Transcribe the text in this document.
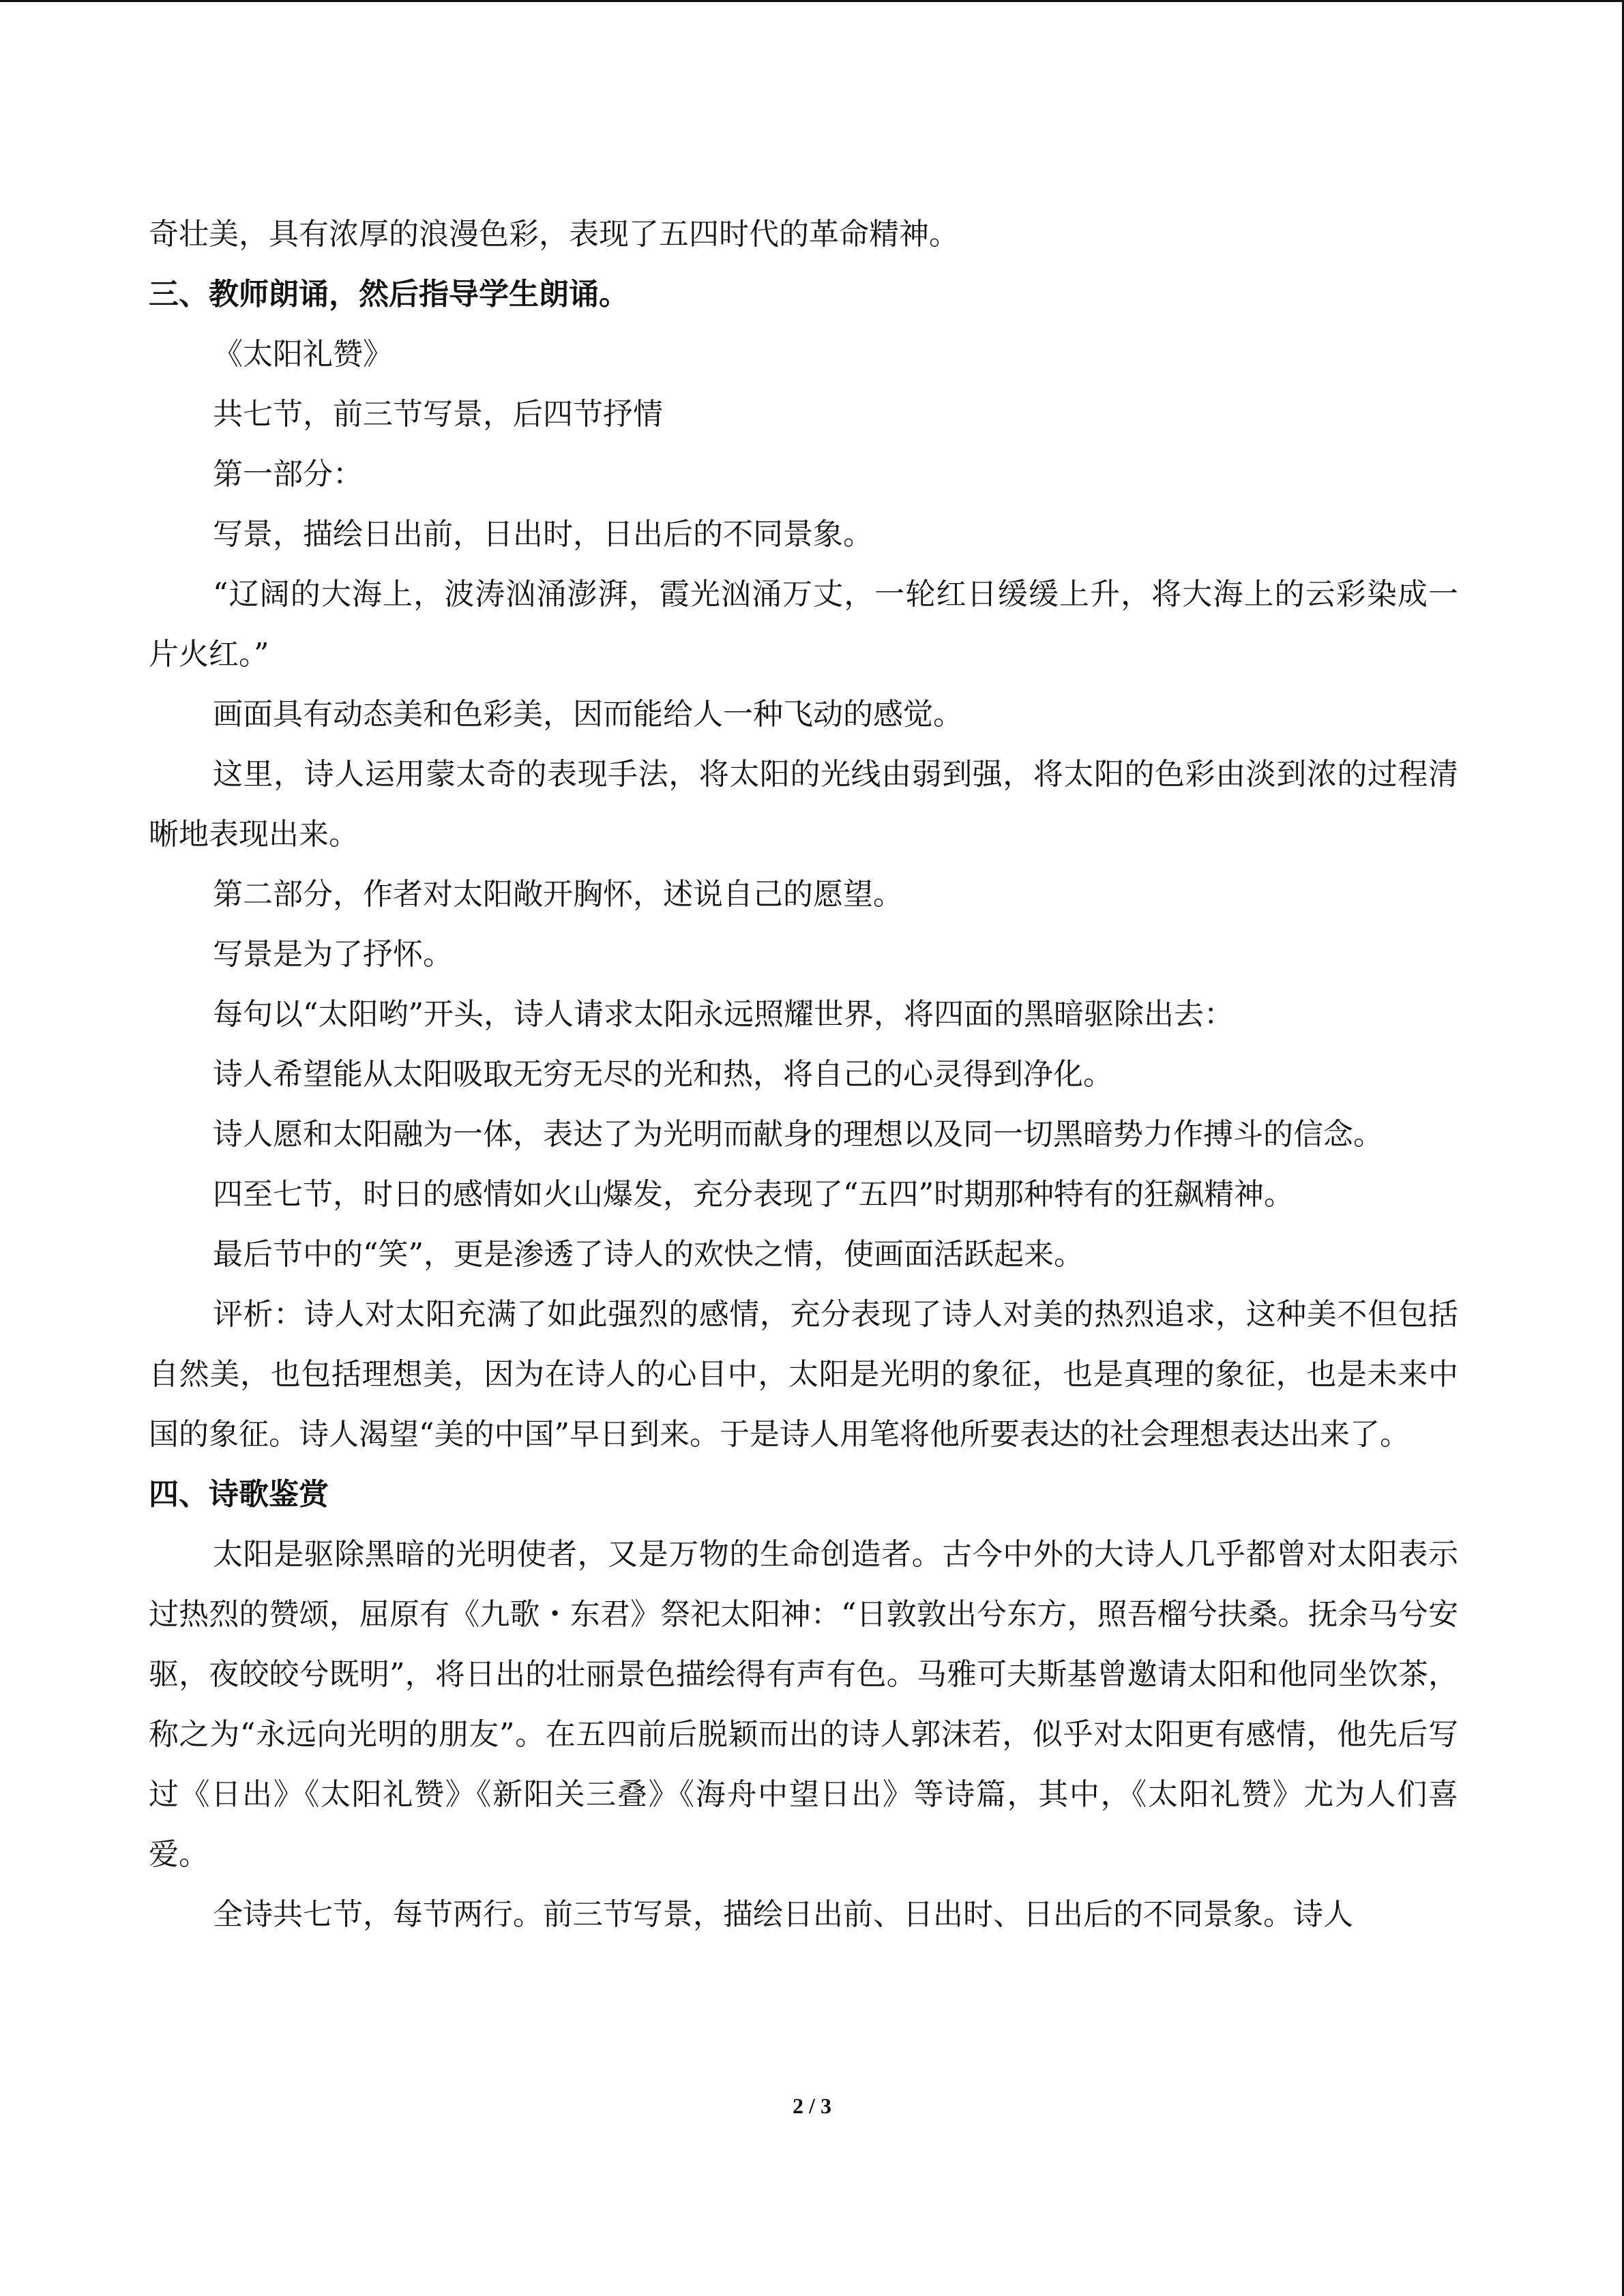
奇壮美，具有浓厚的浪漫色彩，表现了五四时代的革命精神。

三、教师朗诵，然后指导学生朗诵。

《太阳礼赞》

共七节，前三节写景，后四节抒情

第一部分：

写景，描绘日出前，日出时，日出后的不同景象。

“辽阔的大海上，波涛汹涌澎湃，霞光汹涌万丈，一轮红日缓缓上升，将大海上的云彩染成一片火红。”

画面具有动态美和色彩美，因而能给人一种飞动的感觉。

这里，诗人运用蒙太奇的表现手法，将太阳的光线由弱到强，将太阳的色彩由淡到浓的过程清晰地表现出来。

第二部分，作者对太阳敞开胸怀，述说自己的愿望。

写景是为了抒怀。

每句以“太阳哟”开头，诗人请求太阳永远照耀世界，将四面的黑暗驱除出去：

诗人希望能从太阳吸取无穷无尽的光和热，将自己的心灵得到净化。

诗人愿和太阳融为一体，表达了为光明而献身的理想以及同一切黑暗势力作搏斗的信念。

四至七节，时日的感情如火山爆发，充分表现了“五四”时期那种特有的狂飙精神。

最后节中的“笑”，更是渗透了诗人的欢快之情，使画面活跃起来。

评析：诗人对太阳充满了如此强烈的感情，充分表现了诗人对美的热烈追求，这种美不但包括自然美，也包括理想美，因为在诗人的心目中，太阳是光明的象征，也是真理的象征，也是未来中国的象征。诗人渴望“美的中国”早日到来。于是诗人用笔将他所要表达的社会理想表达出来了。

四、诗歌鉴赏

太阳是驱除黑暗的光明使者，又是万物的生命创造者。古今中外的大诗人几乎都曾对太阳表示过热烈的赞颂，屈原有《九歌・东君》祭祀太阳神：“日敦敦出兮东方，照吾榴兮扶桑。抚余马兮安驱，夜皎皎兮既明”，将日出的壮丽景色描绘得有声有色。马雅可夫斯基曾邀请太阳和他同坐饮茶，称之为“永远向光明的朋友”。在五四前后脱颖而出的诗人郭沫若，似乎对太阳更有感情，他先后写过《日出》《太阳礼赞》《新阳关三叠》《海舟中望日出》等诗篇，其中，《太阳礼赞》尤为人们喜爱。

全诗共七节，每节两行。前三节写景，描绘日出前、日出时、日出后的不同景象。诗人

2 / 3
